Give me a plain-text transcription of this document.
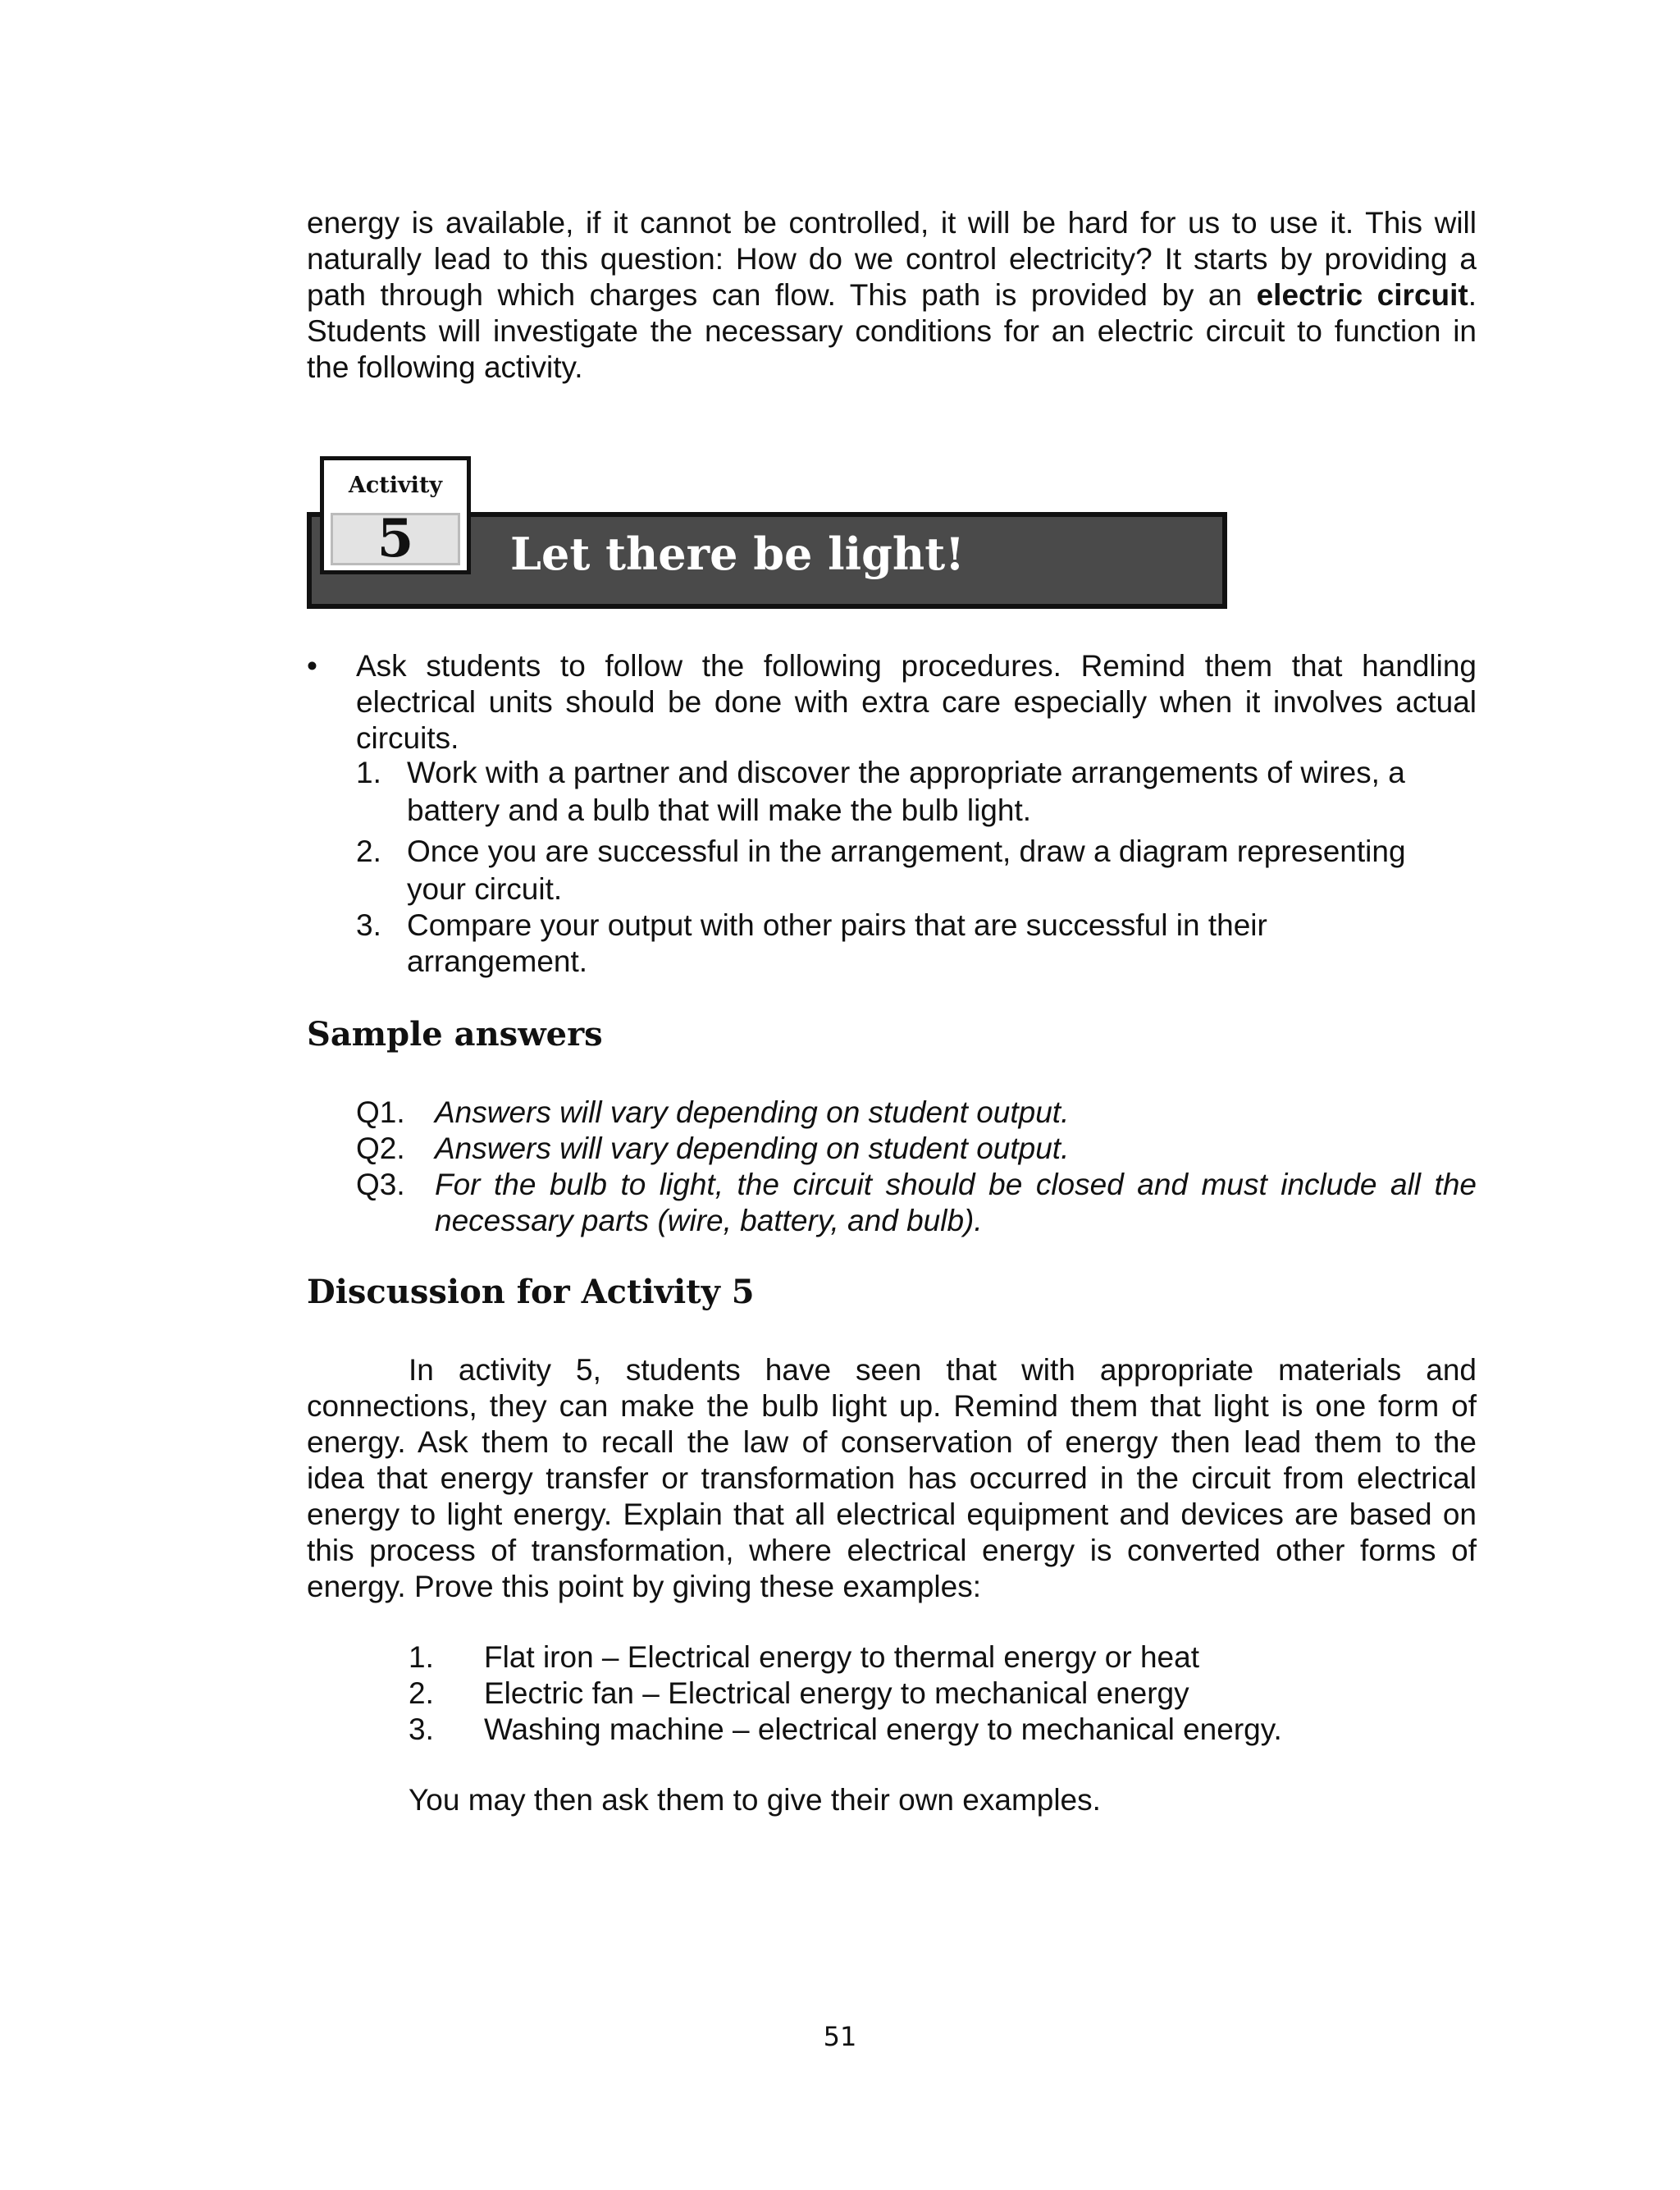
energy is available, if it cannot be controlled, it will be hard for us to use it. This will
naturally lead to this question: How do we control electricity? It starts by providing a
path through which charges can flow. This path is provided by an electric circuit.
Students will investigate the necessary conditions for an electric circuit to function in
the following activity.
Let there be light!
Activity
5
• Ask students to follow the following procedures. Remind them that handling
electrical units should be done with extra care especially when it involves actual
circuits.
1. Work with a partner and discover the appropriate arrangements of wires, a
battery and a bulb that will make the bulb light.
2. Once you are successful in the arrangement, draw a diagram representing
your circuit.
3. Compare your output with other pairs that are successful in their
arrangement.
Sample answers
Q1. Answers will vary depending on student output.
Q2. Answers will vary depending on student output.
Q3. For the bulb to light, the circuit should be closed and must include all the
necessary parts (wire, battery, and bulb).
Discussion for Activity 5
In activity 5, students have seen that with appropriate materials and
connections, they can make the bulb light up. Remind them that light is one form of
energy. Ask them to recall the law of conservation of energy then lead them to the
idea that energy transfer or transformation has occurred in the circuit from electrical
energy to light energy. Explain that all electrical equipment and devices are based on
this process of transformation, where electrical energy is converted other forms of
energy. Prove this point by giving these examples:
1. Flat iron – Electrical energy to thermal energy or heat
2. Electric fan – Electrical energy to mechanical energy
3. Washing machine – electrical energy to mechanical energy.
You may then ask them to give their own examples.
51
